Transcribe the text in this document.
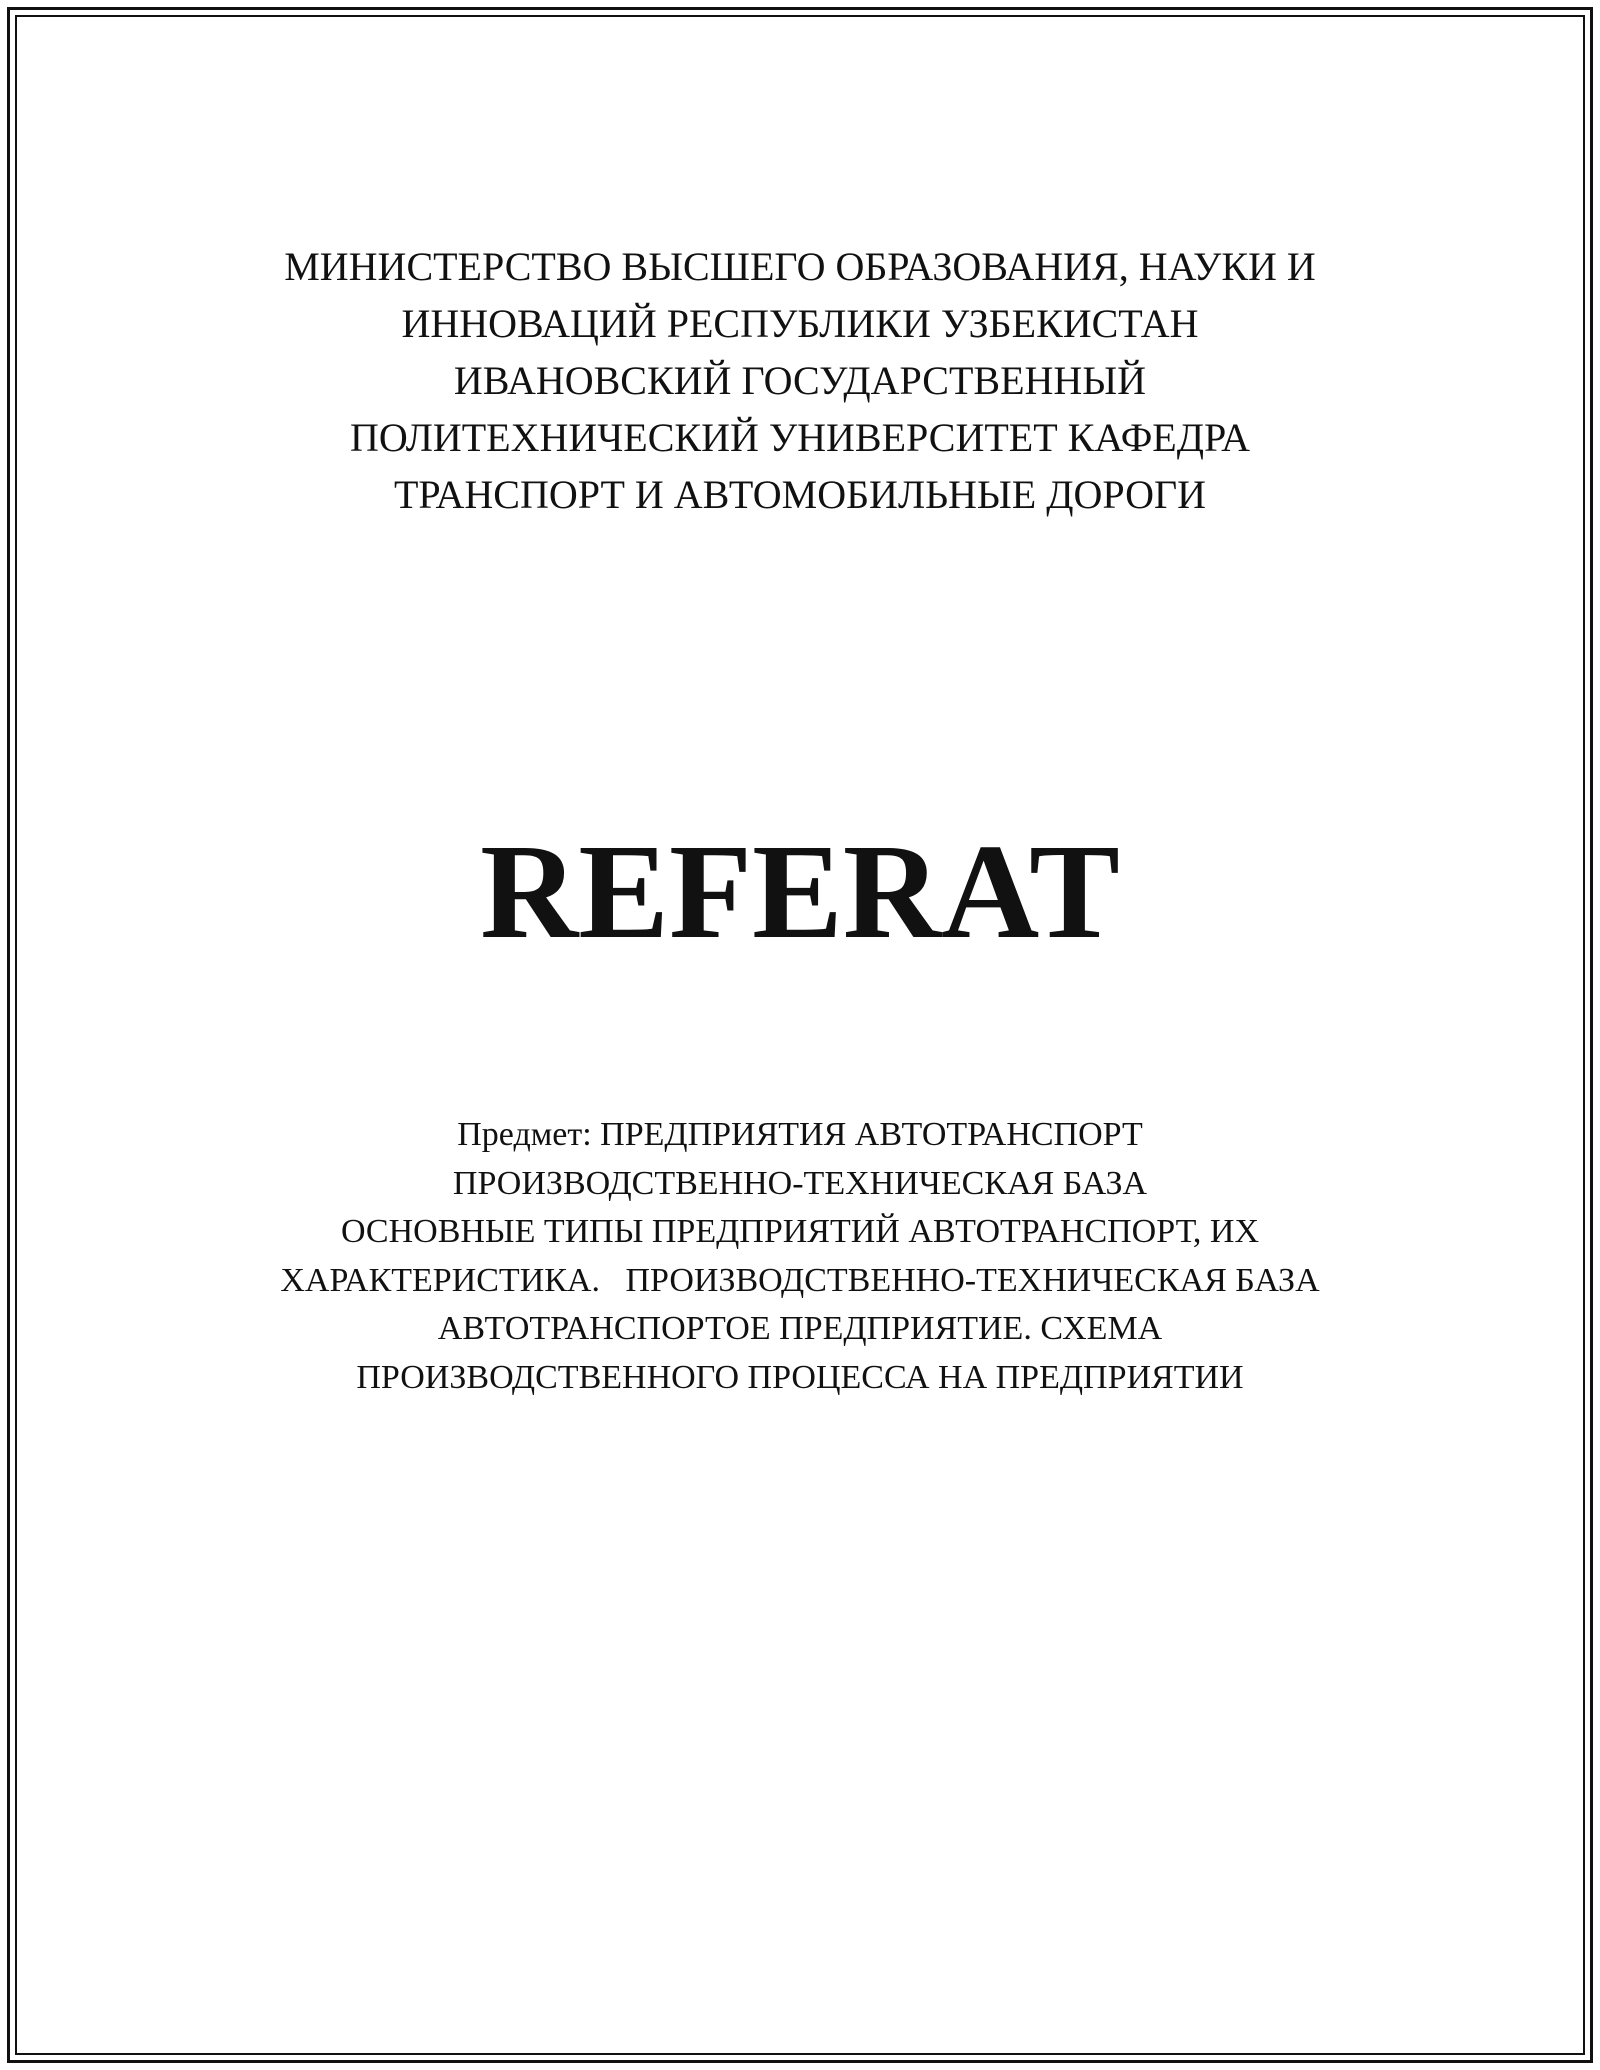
МИНИСТЕРСТВО ВЫСШЕГО ОБРАЗОВАНИЯ, НАУКИ И
ИННОВАЦИЙ РЕСПУБЛИКИ УЗБЕКИСТАН
ИВАНОВСКИЙ ГОСУДАРСТВЕННЫЙ
ПОЛИТЕХНИЧЕСКИЙ УНИВЕРСИТЕТ КАФЕДРА
ТРАНСПОРТ И АВТОМОБИЛЬНЫЕ ДОРОГИ
REFERAT
Предмет: ПРЕДПРИЯТИЯ АВТОТРАНСПОРТ
ПРОИЗВОДСТВЕННО-ТЕХНИЧЕСКАЯ БАЗА
ОСНОВНЫЕ ТИПЫ ПРЕДПРИЯТИЙ АВТОТРАНСПОРТ, ИХ
ХАРАКТЕРИСТИКА.   ПРОИЗВОДСТВЕННО-ТЕХНИЧЕСКАЯ БАЗА
АВТОТРАНСПОРТОЕ ПРЕДПРИЯТИЕ. СХЕМА
ПРОИЗВОДСТВЕННОГО ПРОЦЕССА НА ПРЕДПРИЯТИИ
